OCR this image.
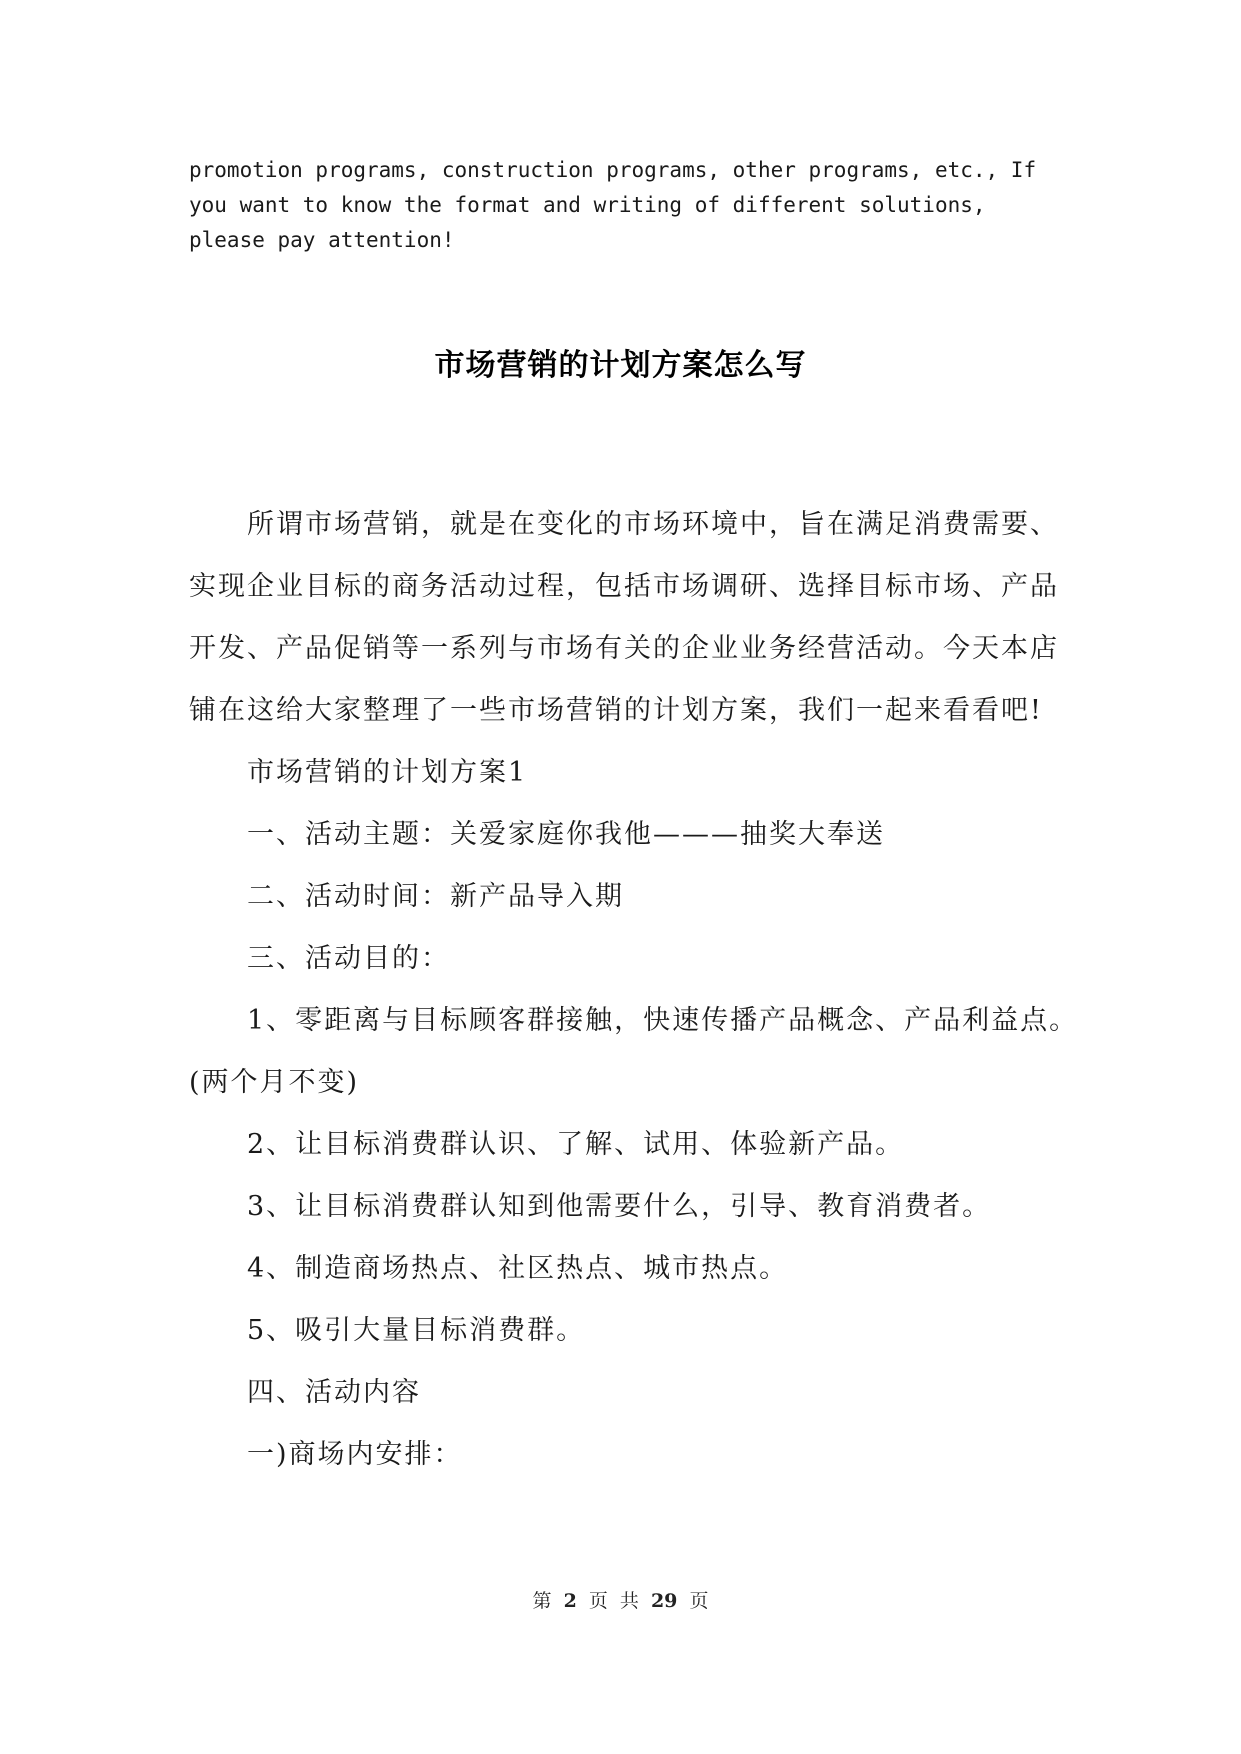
promotion programs, construction programs, other programs, etc., If
you want to know the format and writing of different solutions,
please pay attention!
市场营销的计划方案怎么写
所谓市场营销，就是在变化的市场环境中，旨在满足消费需要、
实现企业目标的商务活动过程，包括市场调研、选择目标市场、产品
开发、产品促销等一系列与市场有关的企业业务经营活动。今天本店
铺在这给大家整理了一些市场营销的计划方案，我们一起来看看吧!
市场营销的计划方案1
一、活动主题：关爱家庭你我他———抽奖大奉送
二、活动时间：新产品导入期
三、活动目的：
1、零距离与目标顾客群接触，快速传播产品概念、产品利益点。
(两个月不变)
2、让目标消费群认识、了解、试用、体验新产品。
3、让目标消费群认知到他需要什么，引导、教育消费者。
4、制造商场热点、社区热点、城市热点。
5、吸引大量目标消费群。
四、活动内容
一)商场内安排：
第 2 页 共 29 页
